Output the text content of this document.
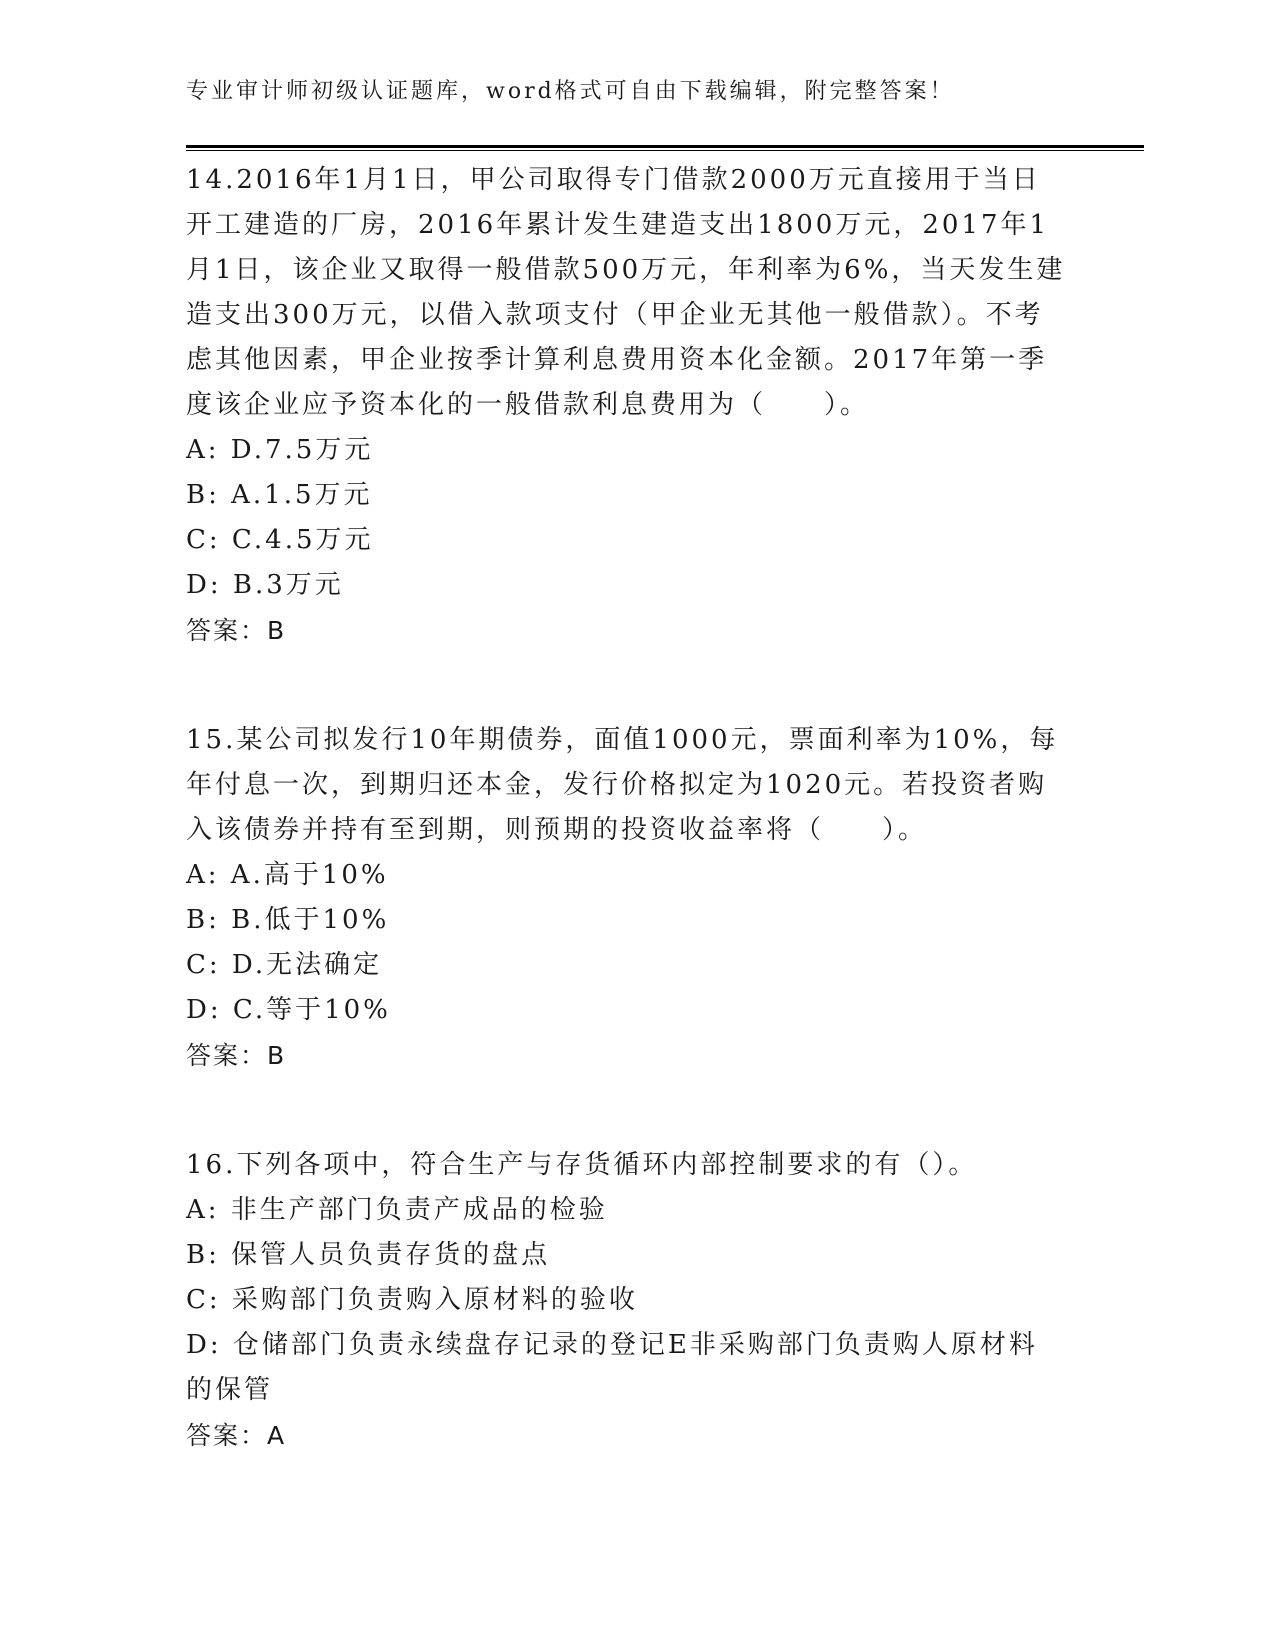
专业审计师初级认证题库，word格式可自由下载编辑，附完整答案！

14.2016年1月1日，甲公司取得专门借款2000万元直接用于当日开工建造的厂房，2016年累计发生建造支出1800万元，2017年1月1日，该企业又取得一般借款500万元，年利率为6%，当天发生建造支出300万元，以借入款项支付（甲企业无其他一般借款）。不考虑其他因素，甲企业按季计算利息费用资本化金额。2017年第一季度该企业应予资本化的一般借款利息费用为（　　）。

A: D.7.5万元

B: A.1.5万元

C: C.4.5万元

D: B.3万元

答案：B

15.某公司拟发行10年期债券，面值1000元，票面利率为10%，每年付息一次，到期归还本金，发行价格拟定为1020元。若投资者购入该债券并持有至到期，则预期的投资收益率将（　　）。

A: A.高于10%

B: B.低于10%

C: D.无法确定

D: C.等于10%

答案：B

16.下列各项中，符合生产与存货循环内部控制要求的有（）。

A: 非生产部门负责产成品的检验

B: 保管人员负责存货的盘点

C: 采购部门负责购入原材料的验收

D: 仓储部门负责永续盘存记录的登记E非采购部门负责购人原材料的保管

答案：A
